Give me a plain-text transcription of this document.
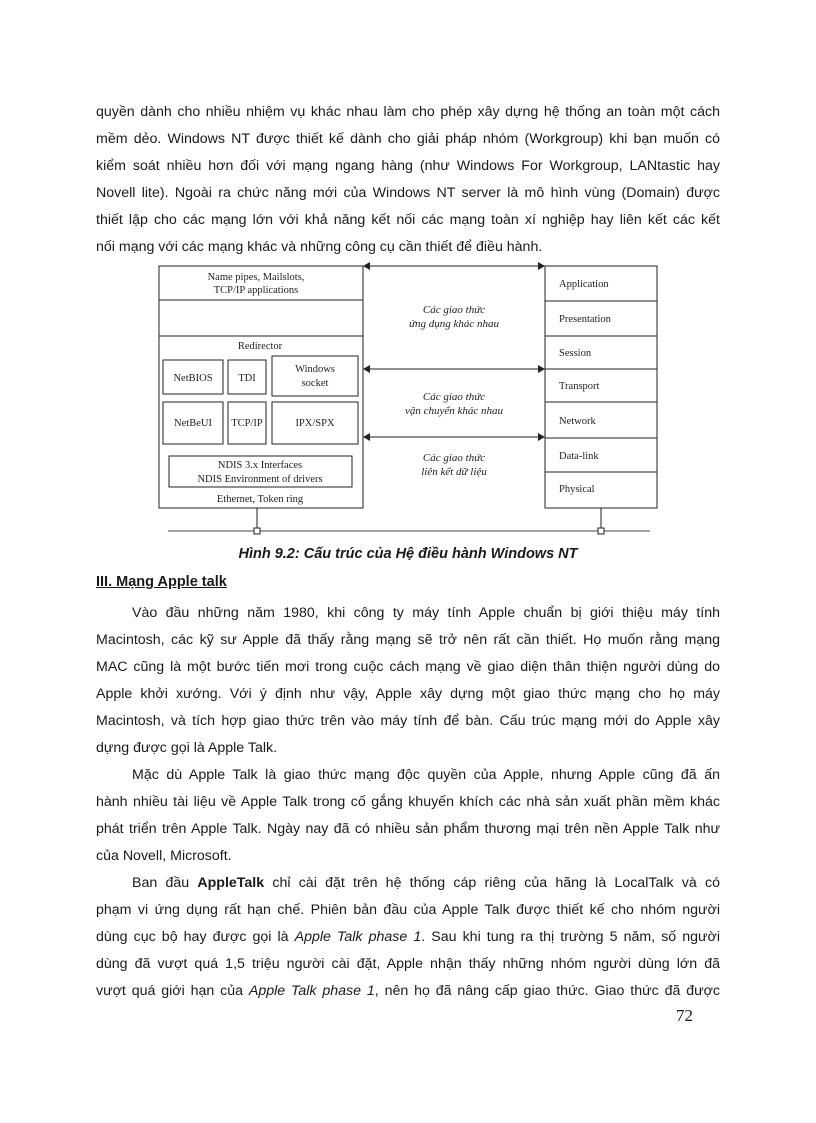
quyền dành cho nhiều nhiệm vụ khác nhau làm cho phép xây dựng hệ thống an toàn một cách
mềm dẻo. Windows NT được thiết kế dành cho giải pháp nhóm (Workgroup) khi bạn muốn có
kiểm soát nhiều hơn đối với mạng ngang hàng (như Windows For Workgroup, LANtastic hay
Novell lite). Ngoài ra chức năng mới của Windows NT server là mô hình vùng (Domain) được
thiết lập cho các mạng lớn với khả năng kết nối các mạng toàn xí nghiệp hay liên kết các kết
nối mạng với các mạng khác và những công cụ cần thiết để điều hành.
Name pipes, Mailslots,
TCP/IP applications
Redirector
NetBIOS TDI
Windows
socket
NetBeUI TCP/IP	IPX/SPX
NDIS 3.x Interfaces
NDIS Environment of drivers
Ethernet, Token ring
Các giao thức
ứng dụng khác nhau
Các giao thức
vận chuyển khác nhau
Các giao thức
liên kết dữ liệu
Application
Presentation
Session
Transport
Network
Data-link
Physical
Hình 9.2: Cấu trúc của Hệ điều hành Windows NT
III. Mạng Apple talk
Vào đầu những năm 1980, khi công ty máy tính Apple chuẩn bị giới thiệu máy tính
Macintosh, các kỹ sư Apple đã thấy rằng mạng sẽ trở nên rất cần thiết. Họ muốn rằng mạng
MAC cũng là một bước tiến mơi trong cuộc cách mạng về giao diện thân thiện người dùng do
Apple khởi xướng. Với ý định như vậy, Apple xây dựng một giao thức mạng cho họ máy
Macintosh, và tích hợp giao thức trên vào máy tính để bàn. Cấu trúc mạng mới do Apple xây
dựng được gọi là Apple Talk.
Mặc dù Apple Talk là giao thức mạng độc quyền của Apple, nhưng Apple cũng đã ấn
hành nhiều tài liệu về Apple Talk trong cố gắng khuyến khích các nhà sản xuất phần mềm khác
phát triển trên Apple Talk. Ngày nay đã có nhiều sản phẩm thương mại trên nền Apple Talk như
của Novell, Microsoft.
Ban đầu AppleTalk chỉ cài đặt trên hệ thống cáp riêng của hãng là LocalTalk và có
phạm vi ứng dụng rất hạn chế. Phiên bản đầu của Apple Talk được thiết kế cho nhóm người
dùng cục bộ hay được gọi là Apple Talk phase 1. Sau khi tung ra thị trường 5 năm, số người
dùng đã vượt quá 1,5 triệu người cài đặt, Apple nhận thấy những nhóm người dùng lớn đã
vượt quá giới hạn của Apple Talk phase 1, nên họ đã nâng cấp giao thức. Giao thức đã được
72
